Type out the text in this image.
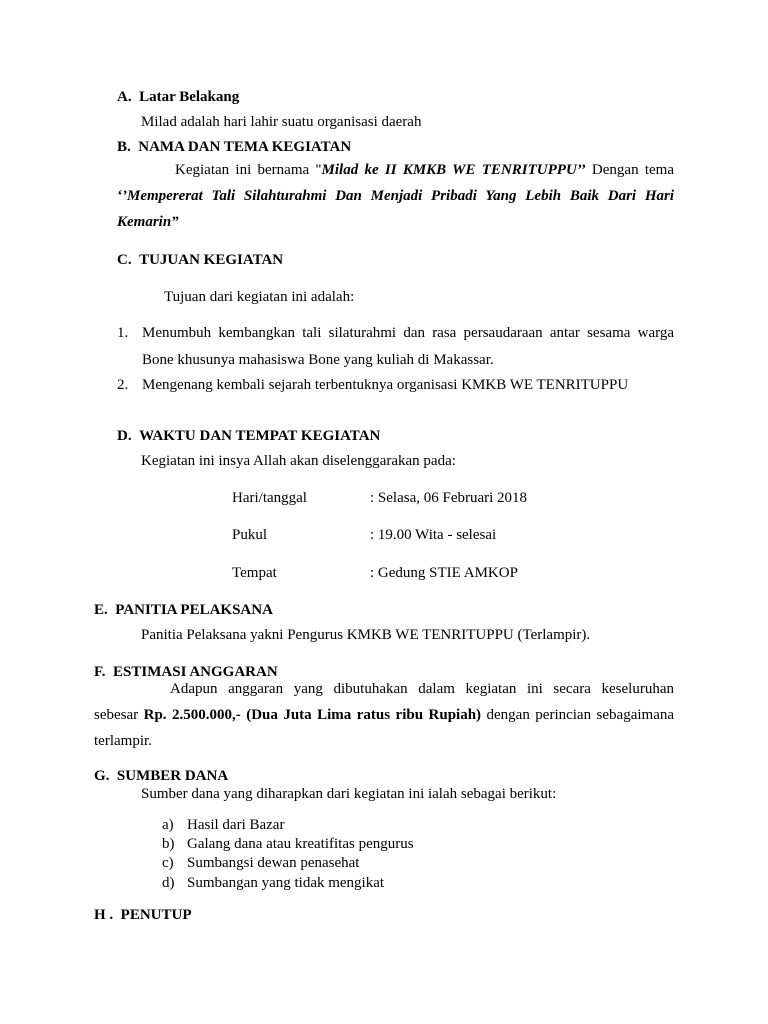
A. Latar Belakang
Milad adalah hari lahir suatu organisasi daerah
B. NAMA DAN TEMA KEGIATAN
Kegiatan ini bernama "Milad ke II KMKB WE TENRITUPPU’’ Dengan tema
‘’Mempererat Tali Silahturahmi Dan Menjadi Pribadi Yang Lebih Baik Dari Hari
Kemarin”
C. TUJUAN KEGIATAN
Tujuan dari kegiatan ini adalah:
1. Menumbuh kembangkan tali silaturahmi dan rasa persaudaraan antar sesama warga
Bone khusunya mahasiswa Bone yang kuliah di Makassar.
2. Mengenang kembali sejarah terbentuknya organisasi KMKB WE TENRITUPPU
D. WAKTU DAN TEMPAT KEGIATAN
Kegiatan ini insya Allah akan diselenggarakan pada:
Hari/tanggal	: Selasa, 06 Februari 2018
Pukul	: 19.00 Wita - selesai
Tempat	: Gedung STIE AMKOP
E. PANITIA PELAKSANA
Panitia Pelaksana yakni Pengurus KMKB WE TENRITUPPU (Terlampir).
F. ESTIMASI ANGGARAN
Adapun anggaran yang dibutuhakan dalam kegiatan ini secara keseluruhan
sebesar Rp. 2.500.000,- (Dua Juta Lima ratus ribu Rupiah) dengan perincian sebagaimana
terlampir.
G. SUMBER DANA
Sumber dana yang diharapkan dari kegiatan ini ialah sebagai berikut:
a) Hasil dari Bazar
b) Galang dana atau kreatifitas pengurus
c) Sumbangsi dewan penasehat
d) Sumbangan yang tidak mengikat
H . PENUTUP
